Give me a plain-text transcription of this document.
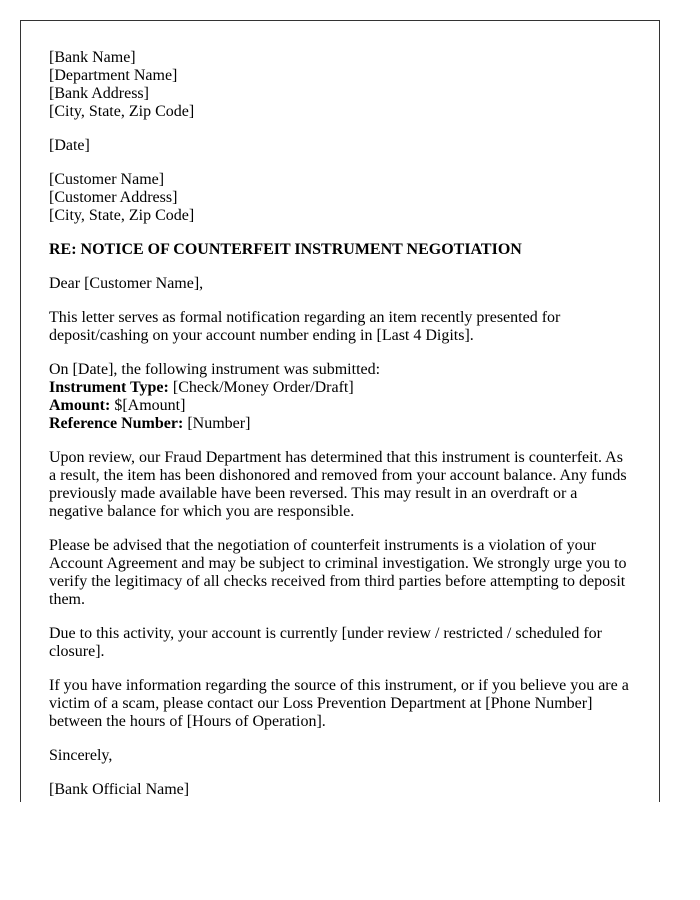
[Bank Name]
[Department Name]
[Bank Address]
[City, State, Zip Code]

[Date]

[Customer Name]
[Customer Address]
[City, State, Zip Code]

RE: NOTICE OF COUNTERFEIT INSTRUMENT NEGOTIATION

Dear [Customer Name],

This letter serves as formal notification regarding an item recently presented for deposit/cashing on your account number ending in [Last 4 Digits].

On [Date], the following instrument was submitted:
Instrument Type: [Check/Money Order/Draft]
Amount: $[Amount]
Reference Number: [Number]

Upon review, our Fraud Department has determined that this instrument is counterfeit. As a result, the item has been dishonored and removed from your account balance. Any funds previously made available have been reversed. This may result in an overdraft or a negative balance for which you are responsible.

Please be advised that the negotiation of counterfeit instruments is a violation of your Account Agreement and may be subject to criminal investigation. We strongly urge you to verify the legitimacy of all checks received from third parties before attempting to deposit them.

Due to this activity, your account is currently [under review / restricted / scheduled for closure].

If you have information regarding the source of this instrument, or if you believe you are a victim of a scam, please contact our Loss Prevention Department at [Phone Number] between the hours of [Hours of Operation].

Sincerely,

[Bank Official Name]
